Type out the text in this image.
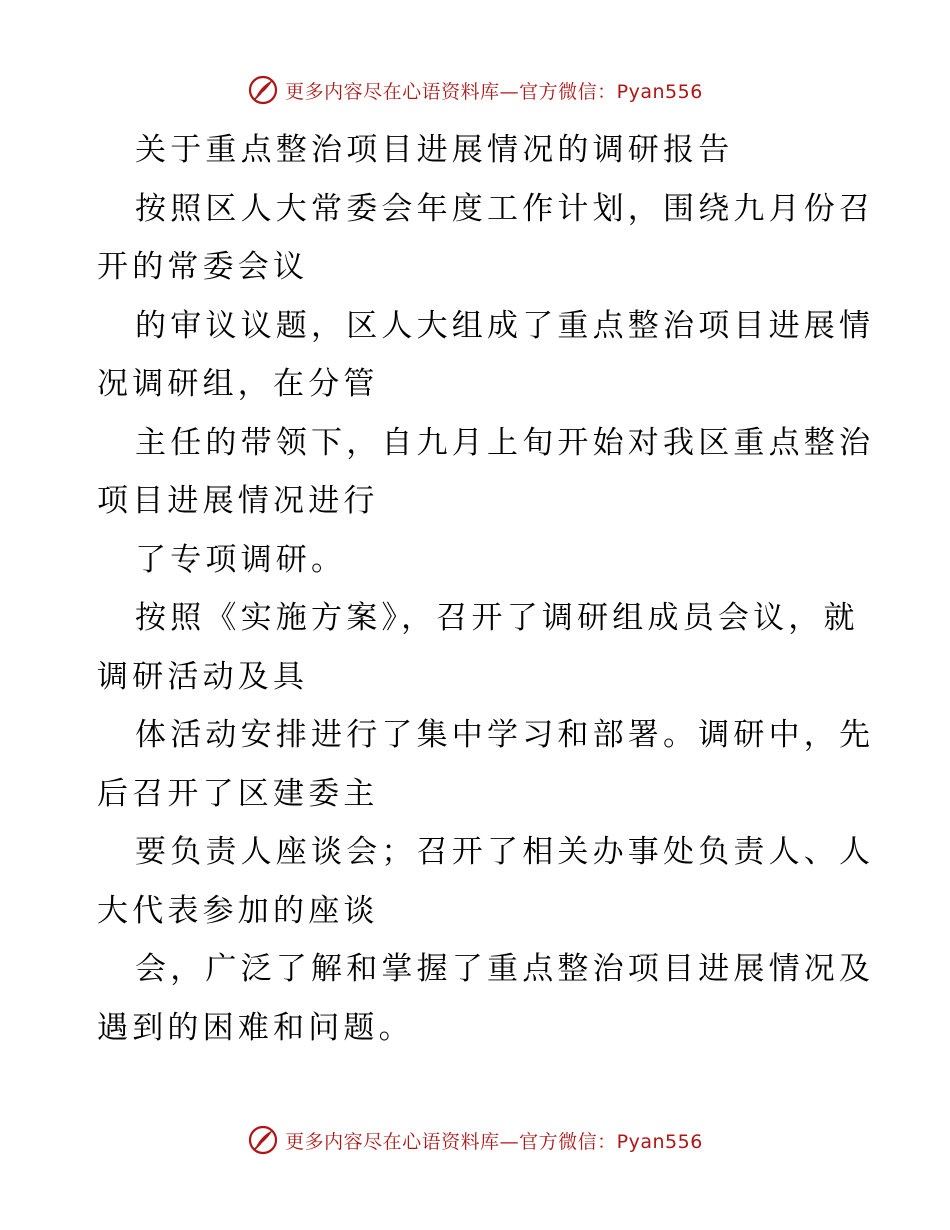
更多内容尽在心语资料库—官方微信：Pyan556
关于重点整治项目进展情况的调研报告
按照区人大常委会年度工作计划，围绕九月份召
开的常委会议
的审议议题，区人大组成了重点整治项目进展情
况调研组，在分管
主任的带领下，自九月上旬开始对我区重点整治
项目进展情况进行
了专项调研。
按照《实施方案》，召开了调研组成员会议，就
调研活动及具
体活动安排进行了集中学习和部署。调研中，先
后召开了区建委主
要负责人座谈会；召开了相关办事处负责人、人
大代表参加的座谈
会，广泛了解和掌握了重点整治项目进展情况及
遇到的困难和问题。
更多内容尽在心语资料库—官方微信：Pyan556
